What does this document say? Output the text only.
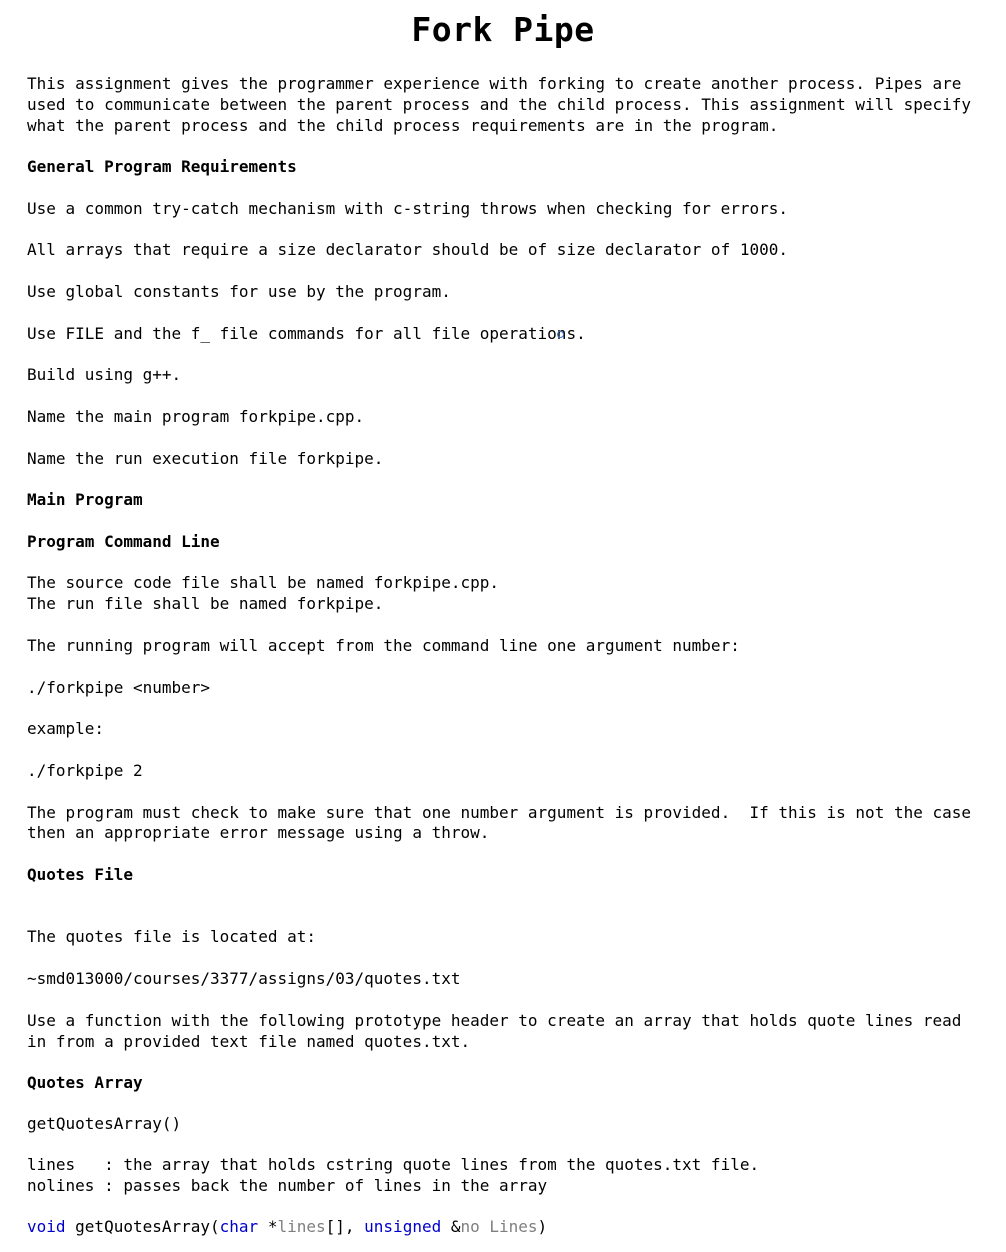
Fork Pipe
This assignment gives the programmer experience with forking to create another process. Pipes are
used to communicate between the parent process and the child process. This assignment will specify
what the parent process and the child process requirements are in the program.
General Program Requirements
Use a common try-catch mechanism with c-string throws when checking for errors.
All arrays that require a size declarator should be of size declarator of 1000.
Use global constants for use by the program.
Use FILE and the f_ file commands for all file operations.
Build using g++.
Name the main program forkpipe.cpp.
Name the run execution file forkpipe.
Main Program
Program Command Line
The source code file shall be named forkpipe.cpp.
The run file shall be named forkpipe.
The running program will accept from the command line one argument number:
./forkpipe <number>
example:
./forkpipe 2
The program must check to make sure that one number argument is provided.  If this is not the case
then an appropriate error message using a throw.
Quotes File
The quotes file is located at:
~smd013000/courses/3377/assigns/03/quotes.txt
Use a function with the following prototype header to create an array that holds quote lines read
in from a provided text file named quotes.txt.
Quotes Array
getQuotesArray()
lines   : the array that holds cstring quote lines from the quotes.txt file.
nolines : passes back the number of lines in the array
void getQuotesArray(char *lines[], unsigned &no Lines)
